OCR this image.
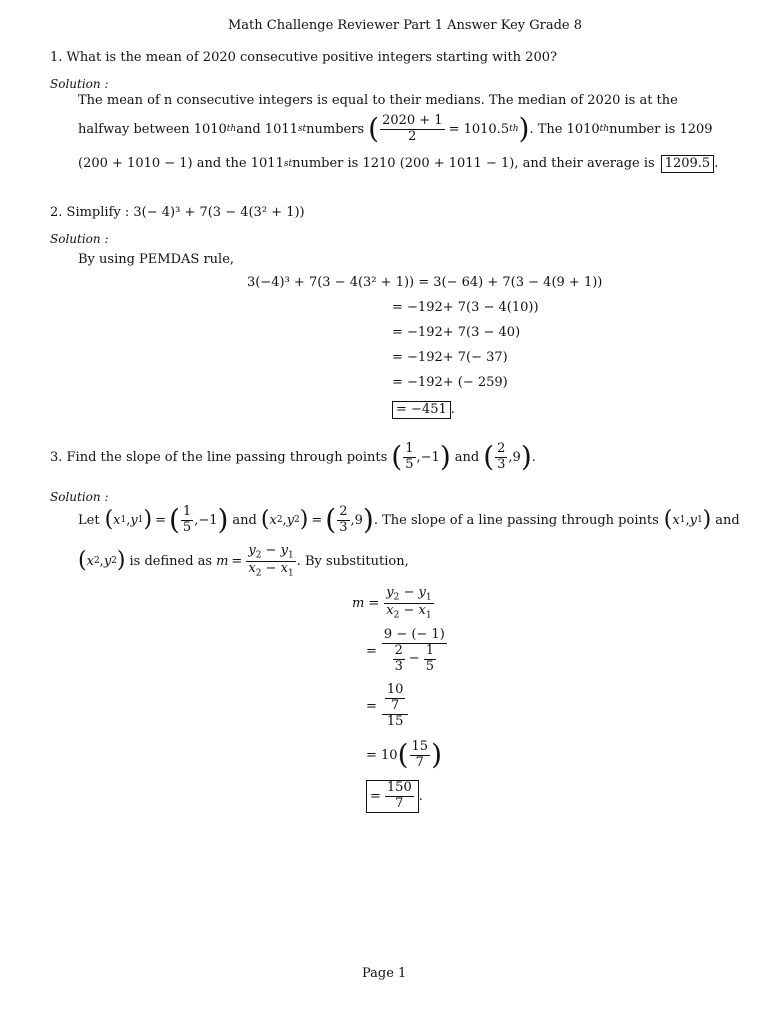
Math Challenge Reviewer Part 1 Answer Key Grade 8
1. What is the mean of 2020 consecutive positive integers starting with 200?
Solution :
The mean of n consecutive integers is equal to their medians. The median of 2020 is at the
halfway between 1010 th and 1011 st numbers ( $\frac{2020 + 1}{2} = 1010.5$ th ) . The 1010 th number is 1209
(200 + 1010 − 1) and the 1011 st number is 1210 (200 + 1011 − 1), and their average is 1209.5 .
2. Simplify : 3(− 4)³ + 7(3 − 4(3² + 1))
Solution :
By using PEMDAS rule,
3(−4)³ + 7(3 − 4(3² + 1)) = 3(− 64) + 7(3 − 4(9 + 1))
= −192+ 7(3 − 4(10))
= −192+ 7(3 − 40)
= −192+ 7(− 37)
= −192+ (− 259)
= −451 .
3. Find the slope of the line passing through points ( $\frac{1}{5} ,-1$ ) and ( $\frac{2}{3} ,9$ ) .
Solution :
Let ( x 1 , y 1 ) = ( $\frac{1}{5} ,-1$ ) and ( x 2 , y 2 ) = ( $\frac{2}{3} ,9$ ) . The slope of a line passing through points ( x 1 , y 1 ) and
( x 2 , y 2 ) is defined as $m = \frac{y_2 - y_1}{x_2 - x_1}$ . By substitution,
$m = \frac{y_2 - y_1}{x_2 - x_1}$
= $\frac{9 - (- 1)}{\frac{2}{3} - \frac{1}{5}}$
= $\frac{\frac{10}{7}}{15}$
= 10 ( $\frac{15}{7}$ )
= $\frac{150}{7}$ .
Page 1
